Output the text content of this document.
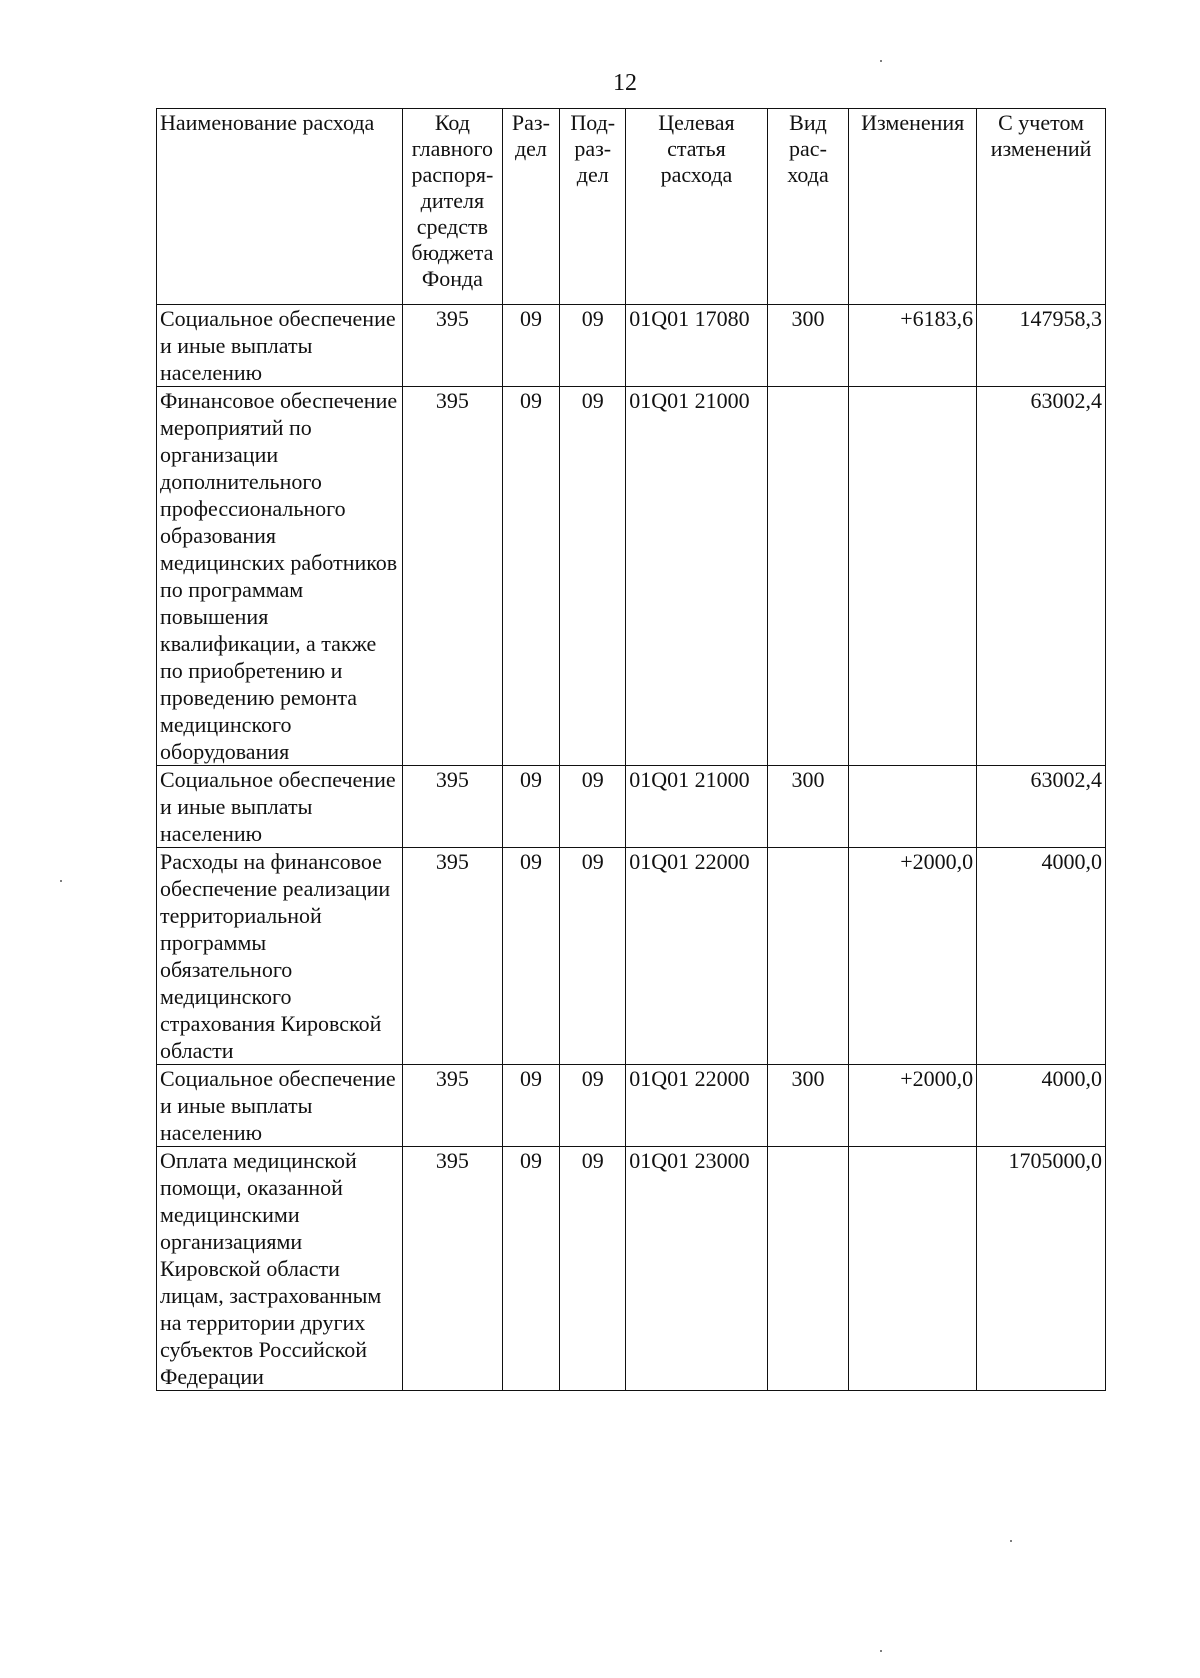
12
Наименование расхода	Код главного распоря- дителя средств бюджета Фонда	Раз- дел	Под- раз- дел	Целевая статья расхода	Вид рас- хода	Изменения	С учетом изменений
Социальное обеспечение и иные выплаты населению	395	09	09	01Q01 17080	300	+6183,6	147958,3
Финансовое обеспечение мероприятий по организации дополнительного профессионального образования медицинских работников по программам повышения квалификации, а также по приобретению и проведению ремонта медицинского оборудования	395	09	09	01Q01 21000			63002,4
Социальное обеспечение и иные выплаты населению	395	09	09	01Q01 21000	300		63002,4
Расходы на финансовое обеспечение реализации территориальной программы обязательного медицинского страхования Кировской области	395	09	09	01Q01 22000		+2000,0	4000,0
Социальное обеспечение и иные выплаты населению	395	09	09	01Q01 22000	300	+2000,0	4000,0
Оплата медицинской помощи, оказанной медицинскими организациями Кировской области лицам, застрахованным на территории других субъектов Российской Федерации	395	09	09	01Q01 23000			1705000,0
